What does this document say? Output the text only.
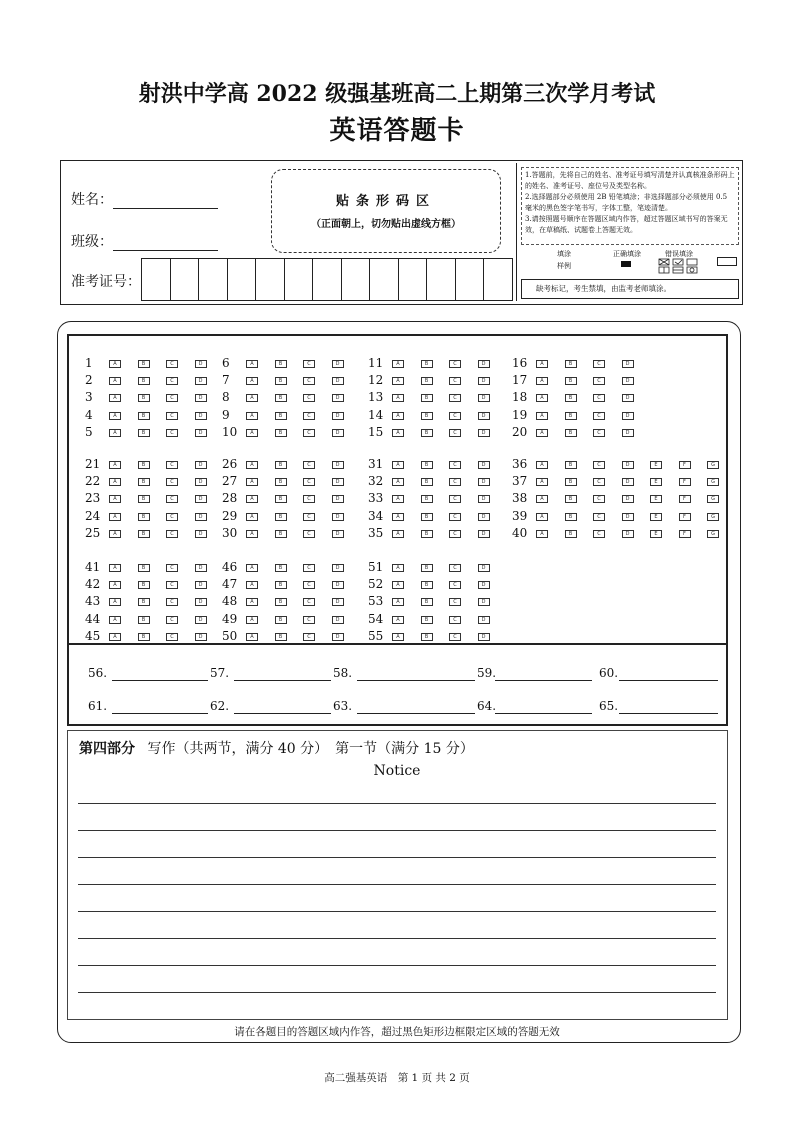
射洪中学高 2022 级强基班高二上期第三次学月考试
英语答题卡
姓名：
班级：
准考证号：
贴条形码区
（正面朝上，切勿贴出虚线方框）
1.答题前，先将自己的姓名、准考证号填写清楚并认真核准条形码上的姓名、准考证号、座位号及类型名称。
2.选择题部分必须使用 2B 铅笔填涂；非选择题部分必须使用 0.5 毫米的黑色签字笔书写，字体工整，笔迹清楚。
3.请按照题号顺序在答题区域内作答，超过答题区域书写的答案无效，在草稿纸、试题卷上答题无效。
填涂
样例
正确填涂	错误填涂
缺考标记，考生禁填，由监考老师填涂。
1	A	B	C	D
2	A	B	C	D
3	A	B	C	D
4	A	B	C	D
5	A	B	C	D
6	A	B	C	D
7	A	B	C	D
8	A	B	C	D
9	A	B	C	D
10	A	B	C	D
11	A	B	C	D
12	A	B	C	D
13	A	B	C	D
14	A	B	C	D
15	A	B	C	D
16	A	B	C	D
17	A	B	C	D
18	A	B	C	D
19	A	B	C	D
20	A	B	C	D
21	A	B	C	D
22	A	B	C	D
23	A	B	C	D
24	A	B	C	D
25	A	B	C	D
26	A	B	C	D
27	A	B	C	D
28	A	B	C	D
29	A	B	C	D
30	A	B	C	D
31	A	B	C	D
32	A	B	C	D
33	A	B	C	D
34	A	B	C	D
35	A	B	C	D
36	A	B	C	D	E	F	G
37	A	B	C	D	E	F	G
38	A	B	C	D	E	F	G
39	A	B	C	D	E	F	G
40	A	B	C	D	E	F	G
41	A	B	C	D
42	A	B	C	D
43	A	B	C	D
44	A	B	C	D
45	A	B	C	D
46	A	B	C	D
47	A	B	C	D
48	A	B	C	D
49	A	B	C	D
50	A	B	C	D
51	A	B	C	D
52	A	B	C	D
53	A	B	C	D
54	A	B	C	D
55	A	B	C	D
56.	57.	58.	59.	60.
61.	62.	63.	64.	65.
第四部分 写作（共两节，满分 40 分）　第一节（满分 15 分）
Notice
请在各题目的答题区域内作答，超过黑色矩形边框限定区域的答题无效
高二强基英语　第 1 页 共 2 页
